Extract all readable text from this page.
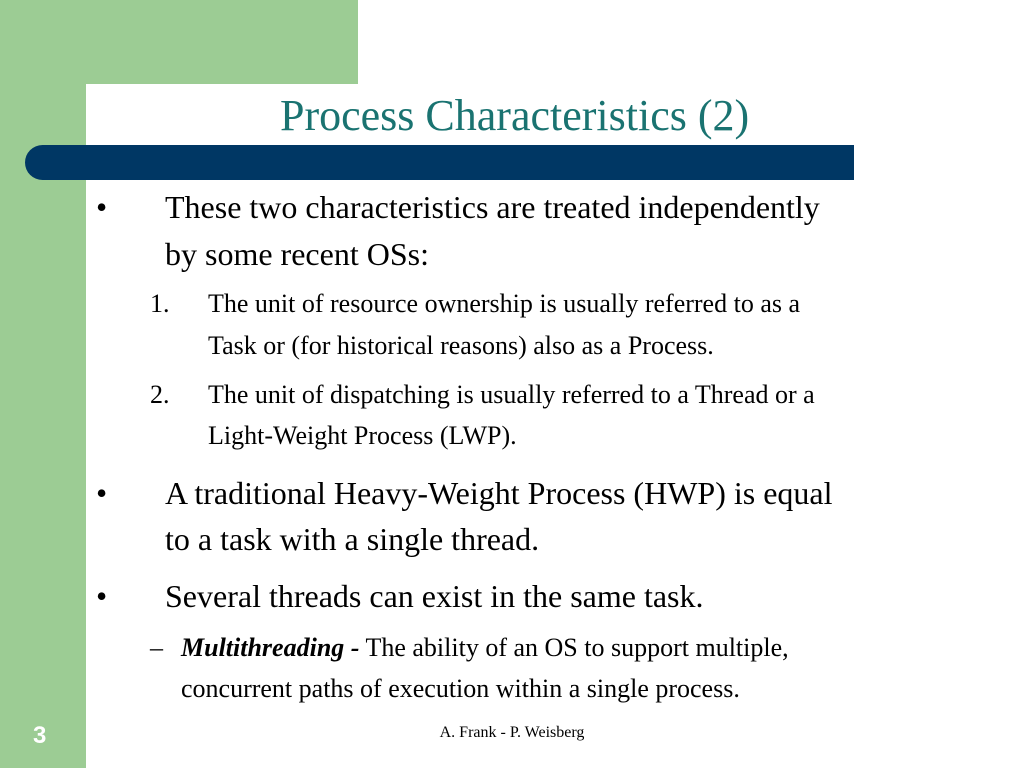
Process Characteristics (2)
• These two characteristics are treated independently
by some recent OSs:
1. The unit of resource ownership is usually referred to as a
Task or (for historical reasons) also as a Process.
2. The unit of dispatching is usually referred to a Thread or a
Light-Weight Process (LWP).
• A traditional Heavy-Weight Process (HWP) is equal
to a task with a single thread.
• Several threads can exist in the same task.
– Multithreading - The ability of an OS to support multiple,
concurrent paths of execution within a single process.
3	A. Frank - P. Weisberg
